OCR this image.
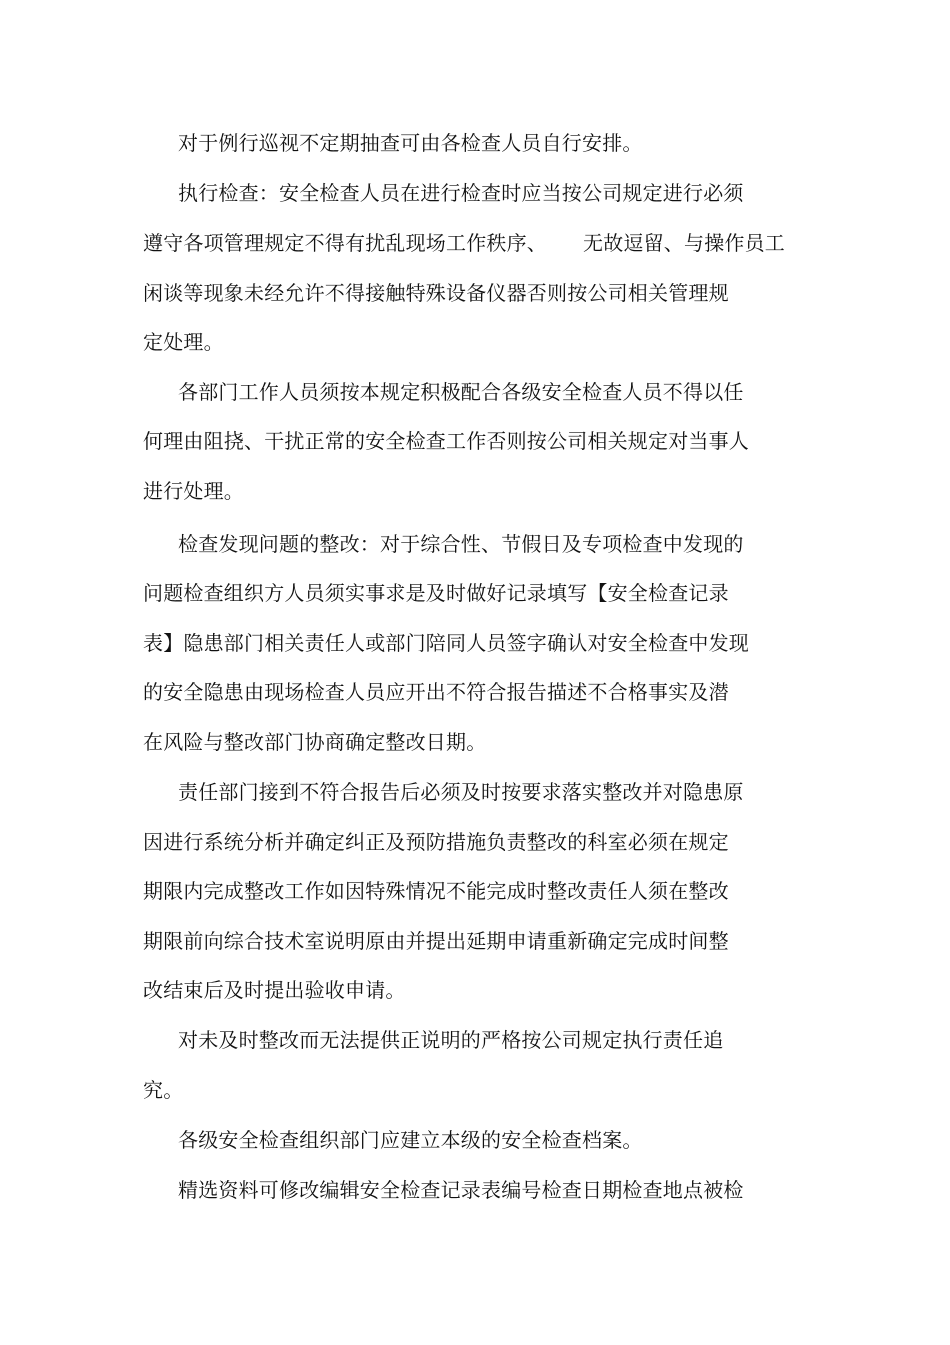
对于例行巡视不定期抽查可由各检查人员自行安排。
执行检查：安全检查人员在进行检查时应当按公司规定进行必须
遵守各项管理规定不得有扰乱现场工作秩序、 无故逗留、与操作员工
闲谈等现象未经允许不得接触特殊设备仪器否则按公司相关管理规
定处理。
各部门工作人员须按本规定积极配合各级安全检查人员不得以任
何理由阻挠、干扰正常的安全检查工作否则按公司相关规定对当事人
进行处理。
检查发现问题的整改：对于综合性、节假日及专项检查中发现的
问题检查组织方人员须实事求是及时做好记录填写【安全检查记录
表】隐患部门相关责任人或部门陪同人员签字确认对安全检查中发现
的安全隐患由现场检查人员应开出不符合报告描述不合格事实及潜
在风险与整改部门协商确定整改日期。
责任部门接到不符合报告后必须及时按要求落实整改并对隐患原
因进行系统分析并确定纠正及预防措施负责整改的科室必须在规定
期限内完成整改工作如因特殊情况不能完成时整改责任人须在整改
期限前向综合技术室说明原由并提出延期申请重新确定完成时间整
改结束后及时提出验收申请。
对未及时整改而无法提供正说明的严格按公司规定执行责任追
究。
各级安全检查组织部门应建立本级的安全检查档案。
精选资料可修改编辑安全检查记录表编号检查日期检查地点被检
